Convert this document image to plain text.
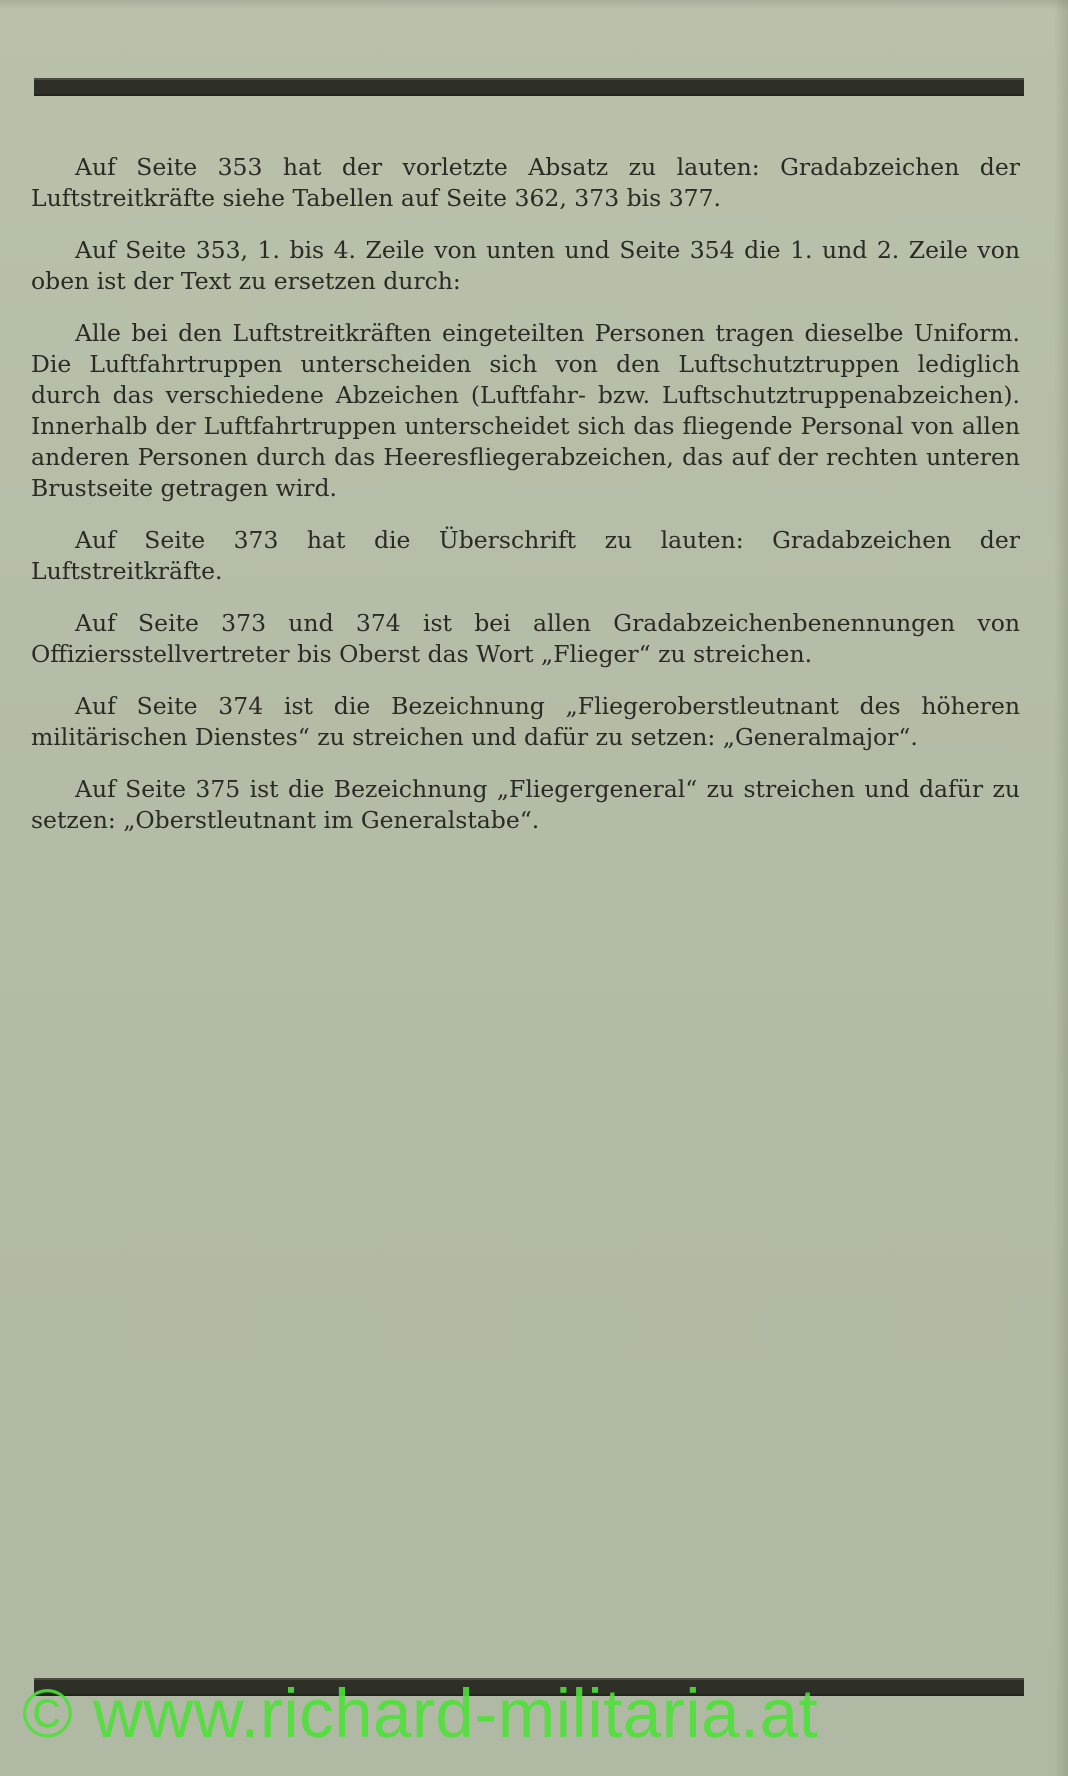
Auf Seite 353 hat der vorletzte Absatz zu lauten: Gradabzeichen der Luftstreitkräfte siehe Tabellen auf Seite 362, 373 bis 377.

Auf Seite 353, 1. bis 4. Zeile von unten und Seite 354 die 1. und 2. Zeile von oben ist der Text zu ersetzen durch:

Alle bei den Luftstreitkräften eingeteilten Personen tragen dieselbe Uniform. Die Luftfahrtruppen unterscheiden sich von den Luftschutztruppen lediglich durch das verschiedene Abzeichen (Luftfahr- bzw. Luftschutztruppenabzeichen). Innerhalb der Luftfahrtruppen unterscheidet sich das fliegende Personal von allen anderen Personen durch das Heeresfliegerabzeichen, das auf der rechten unteren Brustseite getragen wird.

Auf Seite 373 hat die Überschrift zu lauten: Gradabzeichen der Luftstreitkräfte.

Auf Seite 373 und 374 ist bei allen Gradabzeichenbenennungen von Offiziersstellvertreter bis Oberst das Wort „Flieger“ zu streichen.

Auf Seite 374 ist die Bezeichnung „Fliegeroberstleutnant des höheren militärischen Dienstes“ zu streichen und dafür zu setzen: „Generalmajor“.

Auf Seite 375 ist die Bezeichnung „Fliegergeneral“ zu streichen und dafür zu setzen: „Oberstleutnant im Generalstabe“.

© www.richard-militaria.at
